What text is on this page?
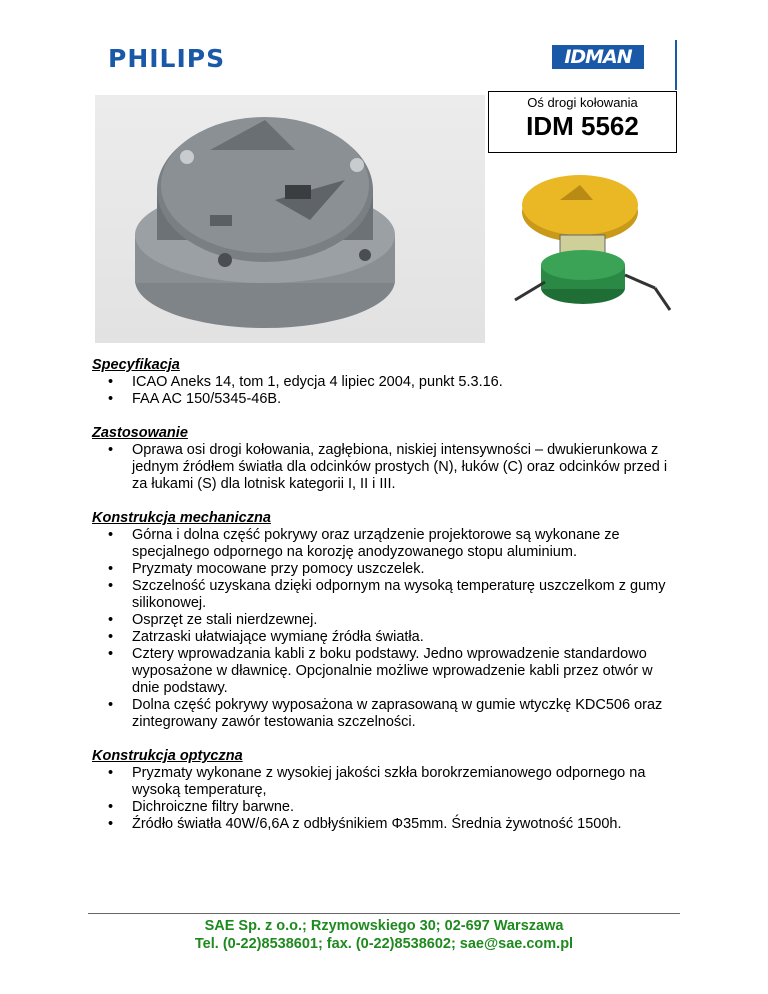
PHILIPS	IDMAN
Oś drogi kołowania
IDM 5562
Specyfikacja
• ICAO Aneks 14, tom 1, edycja 4 lipiec 2004, punkt 5.3.16.
• FAA AC 150/5345-46B.
Zastosowanie
• Oprawa osi drogi kołowania, zagłębiona, niskiej intensywności – dwukierunkowa z jednym źródłem światła dla odcinków prostych (N), łuków (C) oraz odcinków przed i za łukami (S) dla lotnisk kategorii I, II i III.
Konstrukcja mechaniczna
• Górna i dolna część pokrywy oraz urządzenie projektorowe są wykonane ze specjalnego odpornego na korozję anodyzowanego stopu aluminium.
• Pryzmaty mocowane przy pomocy uszczelek.
• Szczelność uzyskana dzięki odpornym na wysoką temperaturę uszczelkom z gumy silikonowej.
• Osprzęt ze stali nierdzewnej.
• Zatrzaski ułatwiające wymianę źródła światła.
• Cztery wprowadzania kabli z boku podstawy. Jedno wprowadzenie standardowo wyposażone w dławnicę. Opcjonalnie możliwe wprowadzenie kabli przez otwór w dnie podstawy.
• Dolna część pokrywy wyposażona w zaprasowaną w gumie wtyczkę KDC506 oraz zintegrowany zawór testowania szczelności.
Konstrukcja optyczna
• Pryzmaty wykonane z wysokiej jakości szkła borokrzemianowego odpornego na wysoką temperaturę,
• Dichroiczne filtry barwne.
• Źródło światła 40W/6,6A z odbłyśnikiem Φ35mm. Średnia żywotność 1500h.
SAE Sp. z o.o.; Rzymowskiego 30; 02-697 Warszawa
Tel. (0-22)8538601; fax. (0-22)8538602; sae@sae.com.pl
